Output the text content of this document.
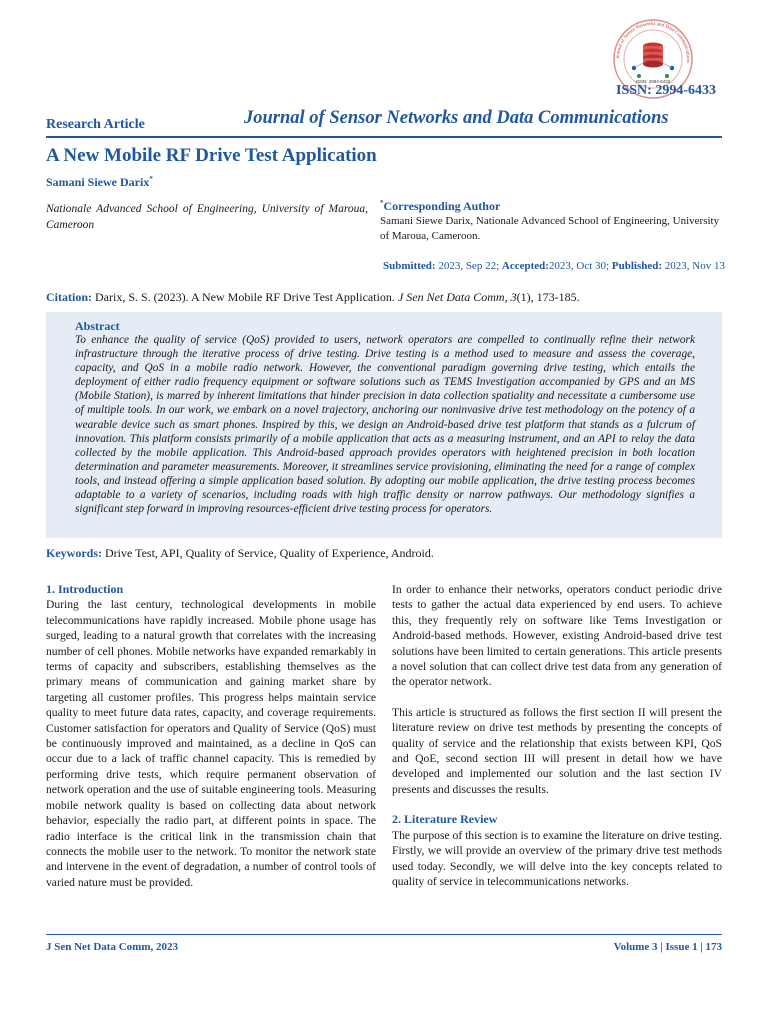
Journal of Sensor Networks and Data Communications
ISSN: 2994-6433
ISSN: 2994-6433
Research Article	Journal of Sensor Networks and Data Communications
A New Mobile RF Drive Test Application
Samani Siewe Darix*
Nationale Advanced School of Engineering, University of Maroua, Cameroon
*Corresponding Author
Samani Siewe Darix, Nationale Advanced School of Engineering, University of Maroua, Cameroon.
Submitted: 2023, Sep 22; Accepted:2023, Oct 30; Published: 2023, Nov 13
Citation: Darix, S. S. (2023). A New Mobile RF Drive Test Application. J Sen Net Data Comm, 3(1), 173-185.
Abstract
To enhance the quality of service (QoS) provided to users, network operators are compelled to continually refine their network infrastructure through the iterative process of drive testing. Drive testing is a method used to measure and assess the coverage, capacity, and QoS in a mobile radio network. However, the conventional paradigm governing drive testing, which entails the deployment of either radio frequency equipment or software solutions such as TEMS Investigation accompanied by GPS and an MS (Mobile Station), is marred by inherent limitations that hinder precision in data collection spatiality and necessitate a cumbersome use of multiple tools. In our work, we embark on a novel trajectory, anchoring our noninvasive drive test methodology on the potency of a wearable device such as smart phones. Inspired by this, we design an Android-based drive test platform that stands as a fulcrum of innovation. This platform consists primarily of a mobile application that acts as a measuring instrument, and an API to relay the data collected by the mobile application. This Android-based approach provides operators with heightened precision in both location determination and parameter measurements. Moreover, it streamlines service provisioning, eliminating the need for a range of complex tools, and instead offering a simple application based solution. By adopting our mobile application, the drive testing process becomes adaptable to a variety of scenarios, including roads with high traffic density or narrow pathways. Our methodology signifies a significant step forward in improving resources-efficient drive testing process for operators.
Keywords: Drive Test, API, Quality of Service, Quality of Experience, Android.

1. Introduction

During the last century, technological developments in mobile telecommunications have rapidly increased. Mobile phone usage has surged, leading to a natural growth that correlates with the increasing number of cell phones. Mobile networks have expanded remarkably in terms of capacity and subscribers, establishing themselves as the primary means of communication and gaining market share by targeting all customer profiles. This progress helps maintain service quality to meet future data rates, capacity, and coverage requirements. Customer satisfaction for operators and Quality of Service (QoS) must be continuously improved and maintained, as a decline in QoS can occur due to a lack of traffic channel capacity. This is remedied by performing drive tests, which require permanent observation of network operation and the use of suitable engineering tools. Measuring mobile network quality is based on collecting data about network behavior, especially the radio part, at different points in space. The radio interface is the critical link in the transmission chain that connects the mobile user to the network. To monitor the network state and intervene in the event of degradation, a number of control tools of varied nature must be provided.

In order to enhance their networks, operators conduct periodic drive tests to gather the actual data experienced by end users. To achieve this, they frequently rely on software like Tems Investigation or Android-based methods. However, existing Android-based drive test solutions have been limited to certain generations. This article presents a novel solution that can collect drive test data from any generation of the operator network.

This article is structured as follows the first section II will present the literature review on drive test methods by presenting the concepts of quality of service and the relationship that exists between KPI, QoS and QoE, second section III will present in detail how we have developed and implemented our solution and the last section IV presents and discusses the results.

2. Literature Review

The purpose of this section is to examine the literature on drive testing. Firstly, we will provide an overview of the primary drive test methods used today. Secondly, we will delve into the key concepts related to quality of service in telecommunications networks.

J Sen Net Data Comm, 2023	Volume 3 | Issue 1 | 173
